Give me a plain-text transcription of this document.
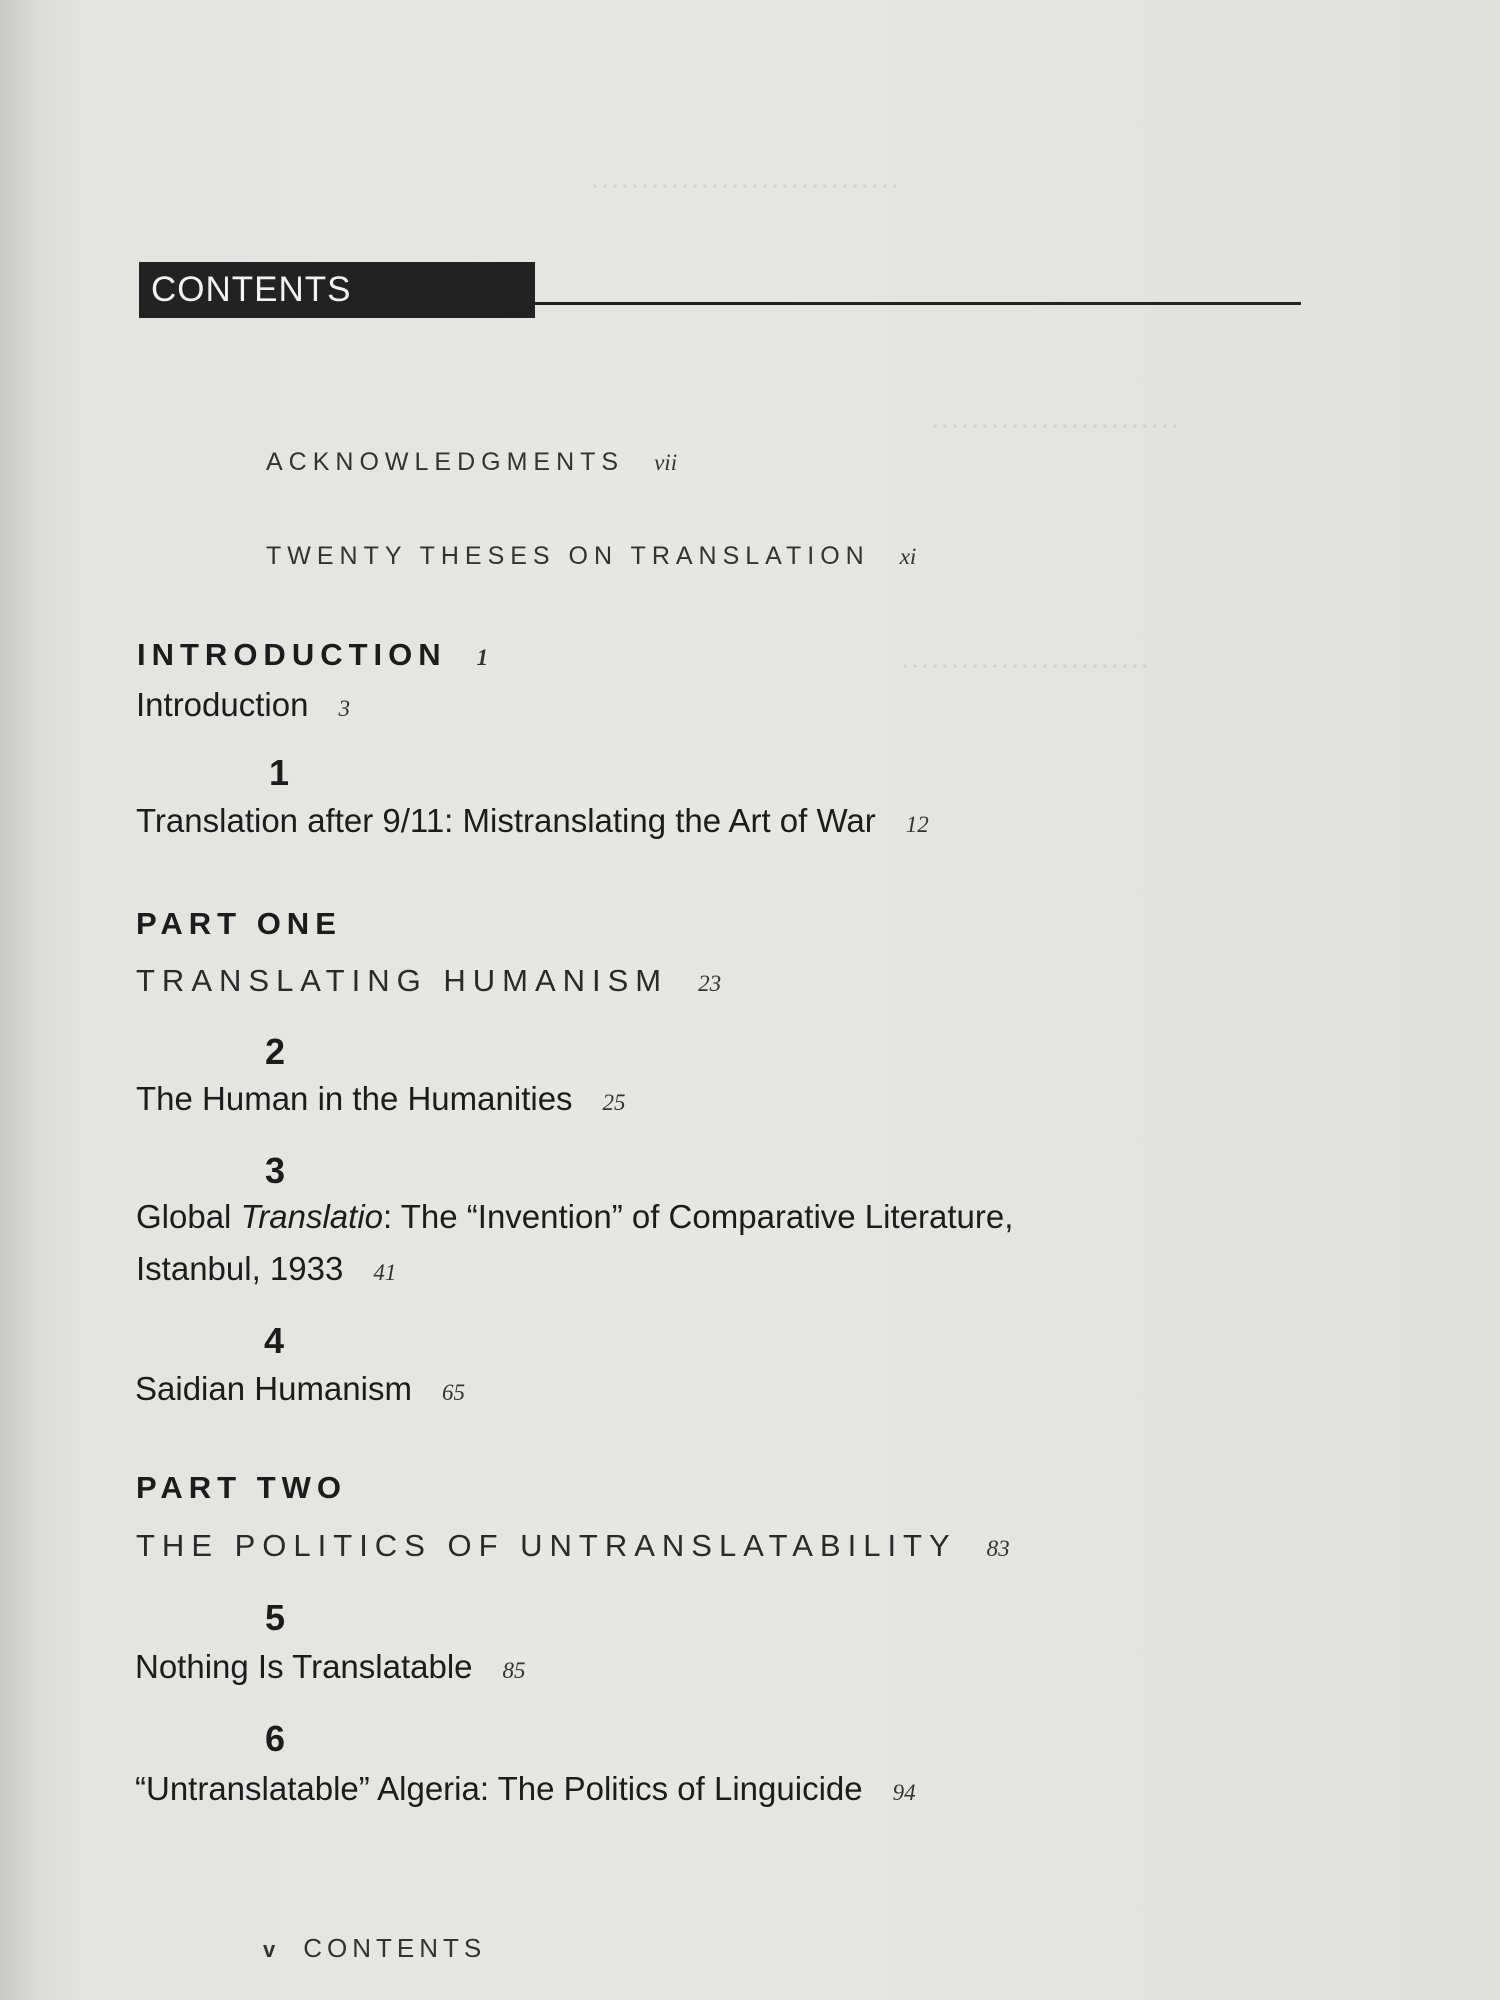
·······························
·························
·························
CONTENTS
ACKNOWLEDGMENTS vii
TWENTY THESES ON TRANSLATION xi
INTRODUCTION 1
Introduction 3
1
Translation after 9/11: Mistranslating the Art of War 12
PART ONE
TRANSLATING HUMANISM 23
2
The Human in the Humanities 25
3
Global Translatio: The “Invention” of Comparative Literature,
Istanbul, 1933 41
4
Saidian Humanism 65
PART TWO
THE POLITICS OF UNTRANSLATABILITY 83
5
Nothing Is Translatable 85
6
“Untranslatable” Algeria: The Politics of Linguicide 94
v CONTENTS
